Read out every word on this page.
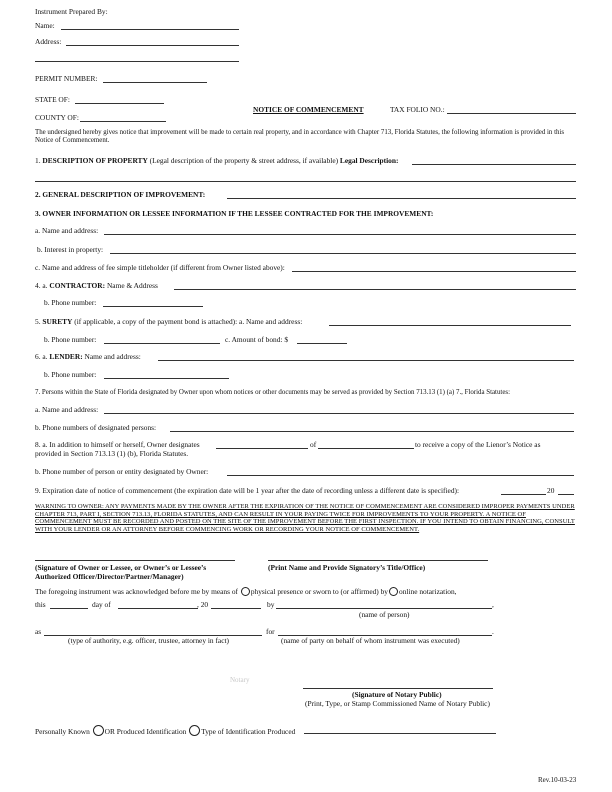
Instrument Prepared By:
Name:
Address:
PERMIT NUMBER:
STATE OF:
NOTICE OF COMMENCEMENT	TAX FOLIO NO.:
COUNTY OF:
The undersigned hereby gives notice that improvement will be made to certain real property, and in accordance with Chapter 713, Florida Statutes, the following information is provided in this Notice of Commencement.
1. DESCRIPTION OF PROPERTY (Legal description of the property & street address, if available) Legal Description:
2. GENERAL DESCRIPTION OF IMPROVEMENT:
3. OWNER INFORMATION OR LESSEE INFORMATION IF THE LESSEE CONTRACTED FOR THE IMPROVEMENT:
a. Name and address:
b. Interest in property:
c. Name and address of fee simple titleholder (if different from Owner listed above):
4. a. CONTRACTOR: Name & Address
b. Phone number:
5. SURETY (if applicable, a copy of the payment bond is attached): a. Name and address:
b. Phone number:	c. Amount of bond: $
6. a. LENDER: Name and address:
b. Phone number:
7. Persons within the State of Florida designated by Owner upon whom notices or other documents may be served as provided by Section 713.13 (1) (a) 7., Florida Statutes:
a. Name and address:
b. Phone numbers of designated persons:
8. a. In addition to himself or herself, Owner designates	of	to receive a copy of the Lienor’s Notice as
provided in Section 713.13 (1) (b), Florida Statutes.
b. Phone number of person or entity designated by Owner:
9. Expiration date of notice of commencement (the expiration date will be 1 year after the date of recording unless a different date is specified):	20
WARNING TO OWNER: ANY PAYMENTS MADE BY THE OWNER AFTER THE EXPIRATION OF THE NOTICE OF COMMENCEMENT ARE CONSIDERED IMPROPER PAYMENTS UNDER CHAPTER 713, PART I, SECTION 713.13, FLORIDA STATUTES, AND CAN RESULT IN YOUR PAYING TWICE FOR IMPROVEMENTS TO YOUR PROPERTY. A NOTICE OF COMMENCEMENT MUST BE RECORDED AND POSTED ON THE SITE OF THE IMPROVEMENT BEFORE THE FIRST INSPECTION. IF YOU INTEND TO OBTAIN FINANCING, CONSULT WITH YOUR LENDER OR AN ATTORNEY BEFORE COMMENCING WORK OR RECORDING YOUR NOTICE OF COMMENCEMENT.
(Signature of Owner or Lessee, or Owner’s or Lessee’s
Authorized Officer/Director/Partner/Manager)
(Print Name and Provide Signatory’s Title/Office)
The foregoing instrument was acknowledged before me by means of physical presence or sworn to (or affirmed) by online notarization,
this	day of	, 20	by	,
(name of person)
as	for	.
(type of authority, e.g. officer, trustee, attorney in fact)	(name of party on behalf of whom instrument was executed)
Notary
(Signature of Notary Public)
(Print, Type, or Stamp Commissioned Name of Notary Public)
Personally Known OR Produced Identification Type of Identification Produced
Rev.10-03-23
